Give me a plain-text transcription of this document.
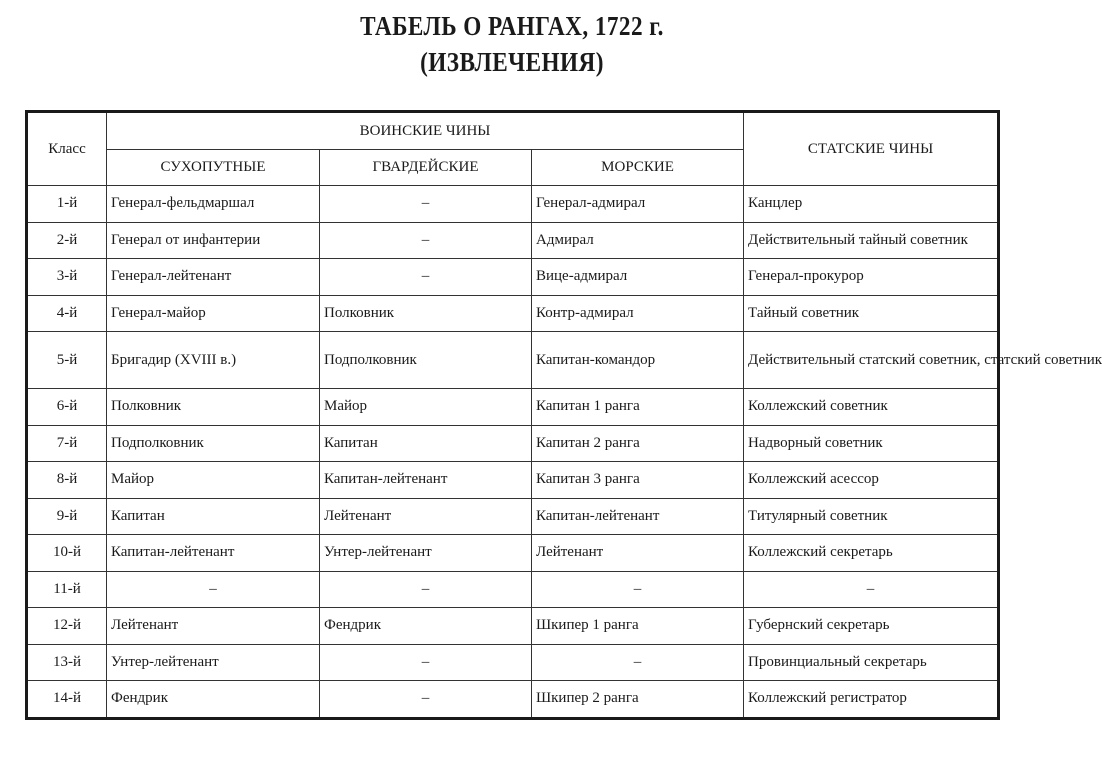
ТАБЕЛЬ О РАНГАХ, 1722 г.
(ИЗВЛЕЧЕНИЯ)
Класс	ВОИНСКИЕ ЧИНЫ			СТАТСКИЕ ЧИНЫ
	СУХОПУТНЫЕ	ГВАРДЕЙСКИЕ	МОРСКИЕ	
1-й	Генерал-фельдмаршал	–	Генерал-адмирал	Канцлер
2-й	Генерал от инфантерии	–	Адмирал	Действительный тайный советник
3-й	Генерал-лейтенант	–	Вице-адмирал	Генерал-прокурор
4-й	Генерал-майор	Полковник	Контр-адмирал	Тайный советник
5-й	Бригадир (XVIII в.)	Подполковник	Капитан-командор	Действительный статский советник, статский советник
6-й	Полковник	Майор	Капитан 1 ранга	Коллежский советник
7-й	Подполковник	Капитан	Капитан 2 ранга	Надворный советник
8-й	Майор	Капитан-лейтенант	Капитан 3 ранга	Коллежский асессор
9-й	Капитан	Лейтенант	Капитан-лейтенант	Титулярный советник
10-й	Капитан-лейтенант	Унтер-лейтенант	Лейтенант	Коллежский секретарь
11-й	–	–	–	–
12-й	Лейтенант	Фендрик	Шкипер 1 ранга	Губернский секретарь
13-й	Унтер-лейтенант	–	–	Провинциальный секретарь
14-й	Фендрик	–	Шкипер 2 ранга	Коллежский регистратор
